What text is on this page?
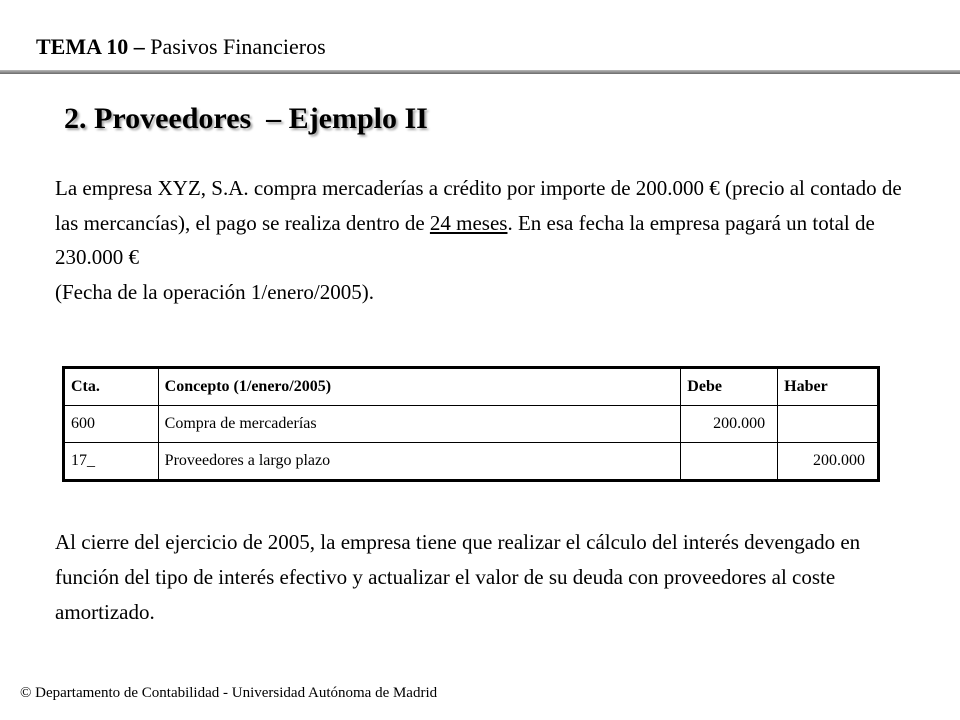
TEMA 10 – Pasivos Financieros
2. Proveedores  – Ejemplo II

La empresa XYZ, S.A. compra mercaderías a crédito por importe de 200.000 € (precio al contado de las mercancías), el pago se realiza dentro de 24 meses. En esa fecha la empresa pagará un total de 230.000 €
(Fecha de la operación 1/enero/2005).

Cta.	Concepto (1/enero/2005)	Debe	Haber
600	Compra de mercaderías	200.000	
17_	Proveedores a largo plazo		200.000

Al cierre del ejercicio de 2005, la empresa tiene que realizar el cálculo del interés devengado en función del tipo de interés efectivo y actualizar el valor de su deuda con proveedores al coste amortizado.

© Departamento de Contabilidad - Universidad Autónoma de Madrid
